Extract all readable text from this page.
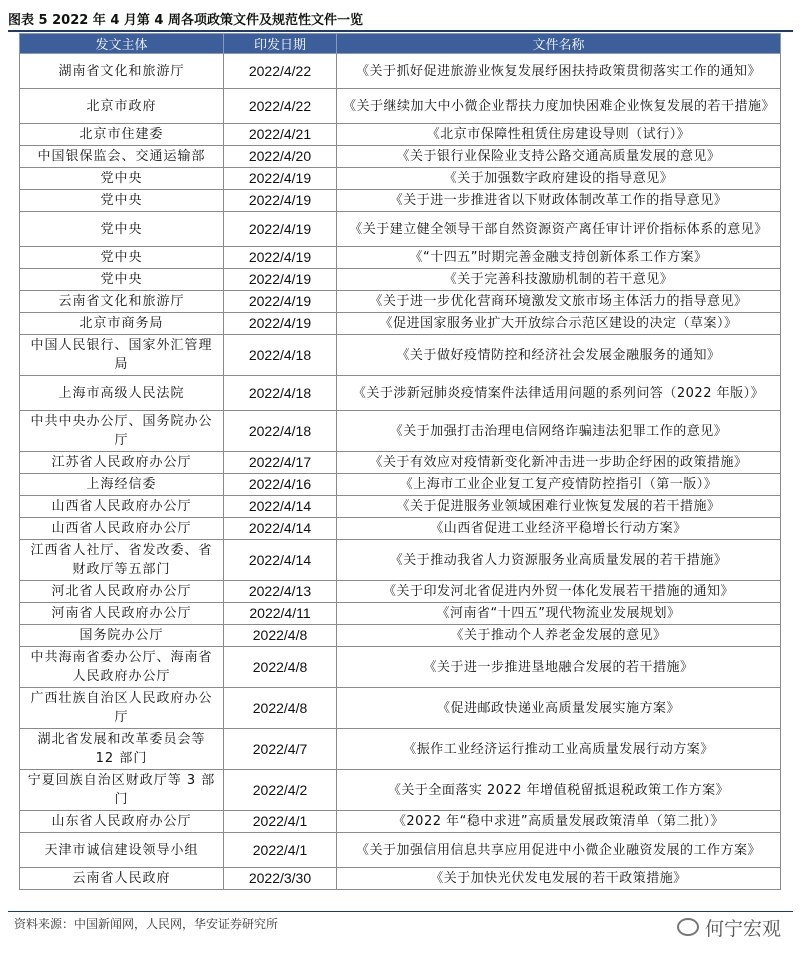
图表 5 2022 年 4 月第 4 周各项政策文件及规范性文件一览
发文主体	印发日期	文件名称
湖南省文化和旅游厅	2022/4/22	《关于抓好促进旅游业恢复发展纾困扶持政策贯彻落实工作的通知》
北京市政府	2022/4/22	《关于继续加大中小微企业帮扶力度加快困难企业恢复发展的若干措施》
北京市住建委	2022/4/21	《北京市保障性租赁住房建设导则（试行）》
中国银保监会、交通运输部	2022/4/20	《关于银行业保险业支持公路交通高质量发展的意见》
党中央	2022/4/19	《关于加强数字政府建设的指导意见》
党中央	2022/4/19	《关于进一步推进省以下财政体制改革工作的指导意见》
党中央	2022/4/19	《关于建立健全领导干部自然资源资产离任审计评价指标体系的意见》
党中央	2022/4/19	《“十四五”时期完善金融支持创新体系工作方案》
党中央	2022/4/19	《关于完善科技激励机制的若干意见》
云南省文化和旅游厅	2022/4/19	《关于进一步优化营商环境激发文旅市场主体活力的指导意见》
北京市商务局	2022/4/19	《促进国家服务业扩大开放综合示范区建设的决定（草案）》
中国人民银行、国家外汇管理局	2022/4/18	《关于做好疫情防控和经济社会发展金融服务的通知》
上海市高级人民法院	2022/4/18	《关于涉新冠肺炎疫情案件法律适用问题的系列问答（2022 年版）》
中共中央办公厅、国务院办公厅	2022/4/18	《关于加强打击治理电信网络诈骗违法犯罪工作的意见》
江苏省人民政府办公厅	2022/4/17	《关于有效应对疫情新变化新冲击进一步助企纾困的政策措施》
上海经信委	2022/4/16	《上海市工业企业复工复产疫情防控指引（第一版）》
山西省人民政府办公厅	2022/4/14	《关于促进服务业领域困难行业恢复发展的若干措施》
山西省人民政府办公厅	2022/4/14	《山西省促进工业经济平稳增长行动方案》
江西省人社厅、省发改委、省财政厅等五部门	2022/4/14	《关于推动我省人力资源服务业高质量发展的若干措施》
河北省人民政府办公厅	2022/4/13	《关于印发河北省促进内外贸一体化发展若干措施的通知》
河南省人民政府办公厅	2022/4/11	《河南省“十四五”现代物流业发展规划》
国务院办公厅	2022/4/8	《关于推动个人养老金发展的意见》
中共海南省委办公厅、海南省人民政府办公厅	2022/4/8	《关于进一步推进垦地融合发展的若干措施》
广西壮族自治区人民政府办公厅	2022/4/8	《促进邮政快递业高质量发展实施方案》
湖北省发展和改革委员会等 12 部门	2022/4/7	《振作工业经济运行推动工业高质量发展行动方案》
宁夏回族自治区财政厅等 3 部门	2022/4/2	《关于全面落实 2022 年增值税留抵退税政策工作方案》
山东省人民政府办公厅	2022/4/1	《2022 年“稳中求进”高质量发展政策清单（第二批）》
天津市诚信建设领导小组	2022/4/1	《关于加强信用信息共享应用促进中小微企业融资发展的工作方案》
云南省人民政府	2022/3/30	《关于加快光伏发电发展的若干政策措施》
资料来源：中国新闻网，人民网，华安证券研究所	何宁宏观
